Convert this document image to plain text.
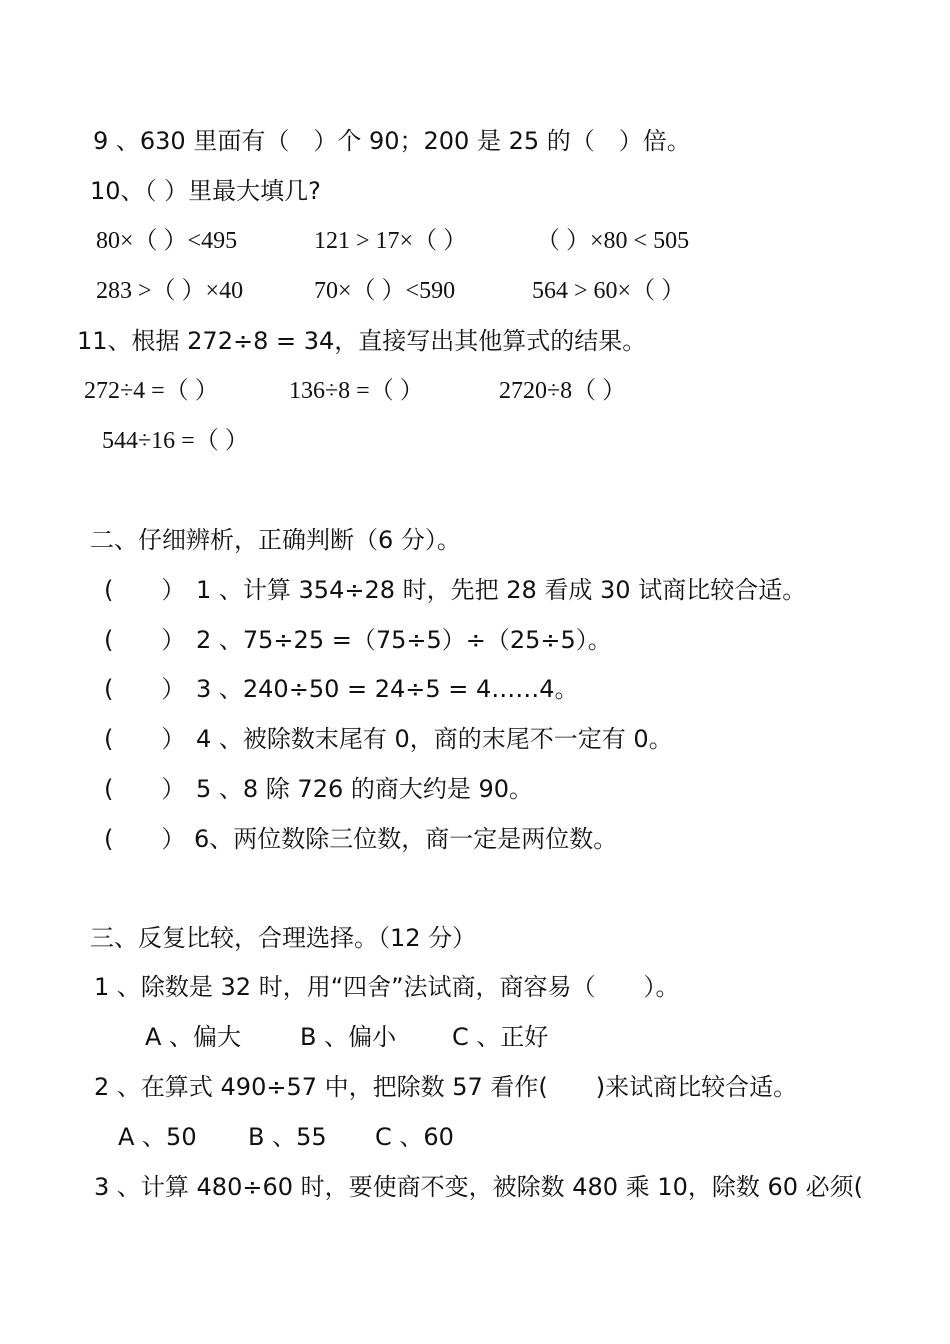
9 、630 里面有（　）个 90；200 是 25 的（　）倍。
10、（ ）里最大填几?
80×（ ）<495	121 > 17×（ ）	（ ）×80 < 505
283 >（ ）×40	70×（ ）<590	564 > 60×（ ）
11、根据 272÷8 = 34，直接写出其他算式的结果。
272÷4 =（ ）	136÷8 =（ ）	2720÷8（ ）
544÷16 =（ ）
二、仔细辨析，正确判断（6 分）。
(　　） 1 、计算 354÷28 时，先把 28 看成 30 试商比较合适。
(　　） 2 、75÷25 =（75÷5）÷（25÷5）。
(　　） 3 、240÷50 = 24÷5 = 4……4。
(　　） 4 、被除数末尾有 0，商的末尾不一定有 0。
(　　） 5 、8 除 726 的商大约是 90。
(　　） 6、两位数除三位数，商一定是两位数。
三、反复比较，合理选择。（12 分）
1 、除数是 32 时，用“四舍”法试商，商容易（　　）。
A 、偏大 B 、偏小 C 、正好
2 、在算式 490÷57 中，把除数 57 看作(　　)来试商比较合适。
A 、50 B 、55 C 、60
3 、计算 480÷60 时，要使商不变，被除数 480 乘 10，除数 60 必须(
